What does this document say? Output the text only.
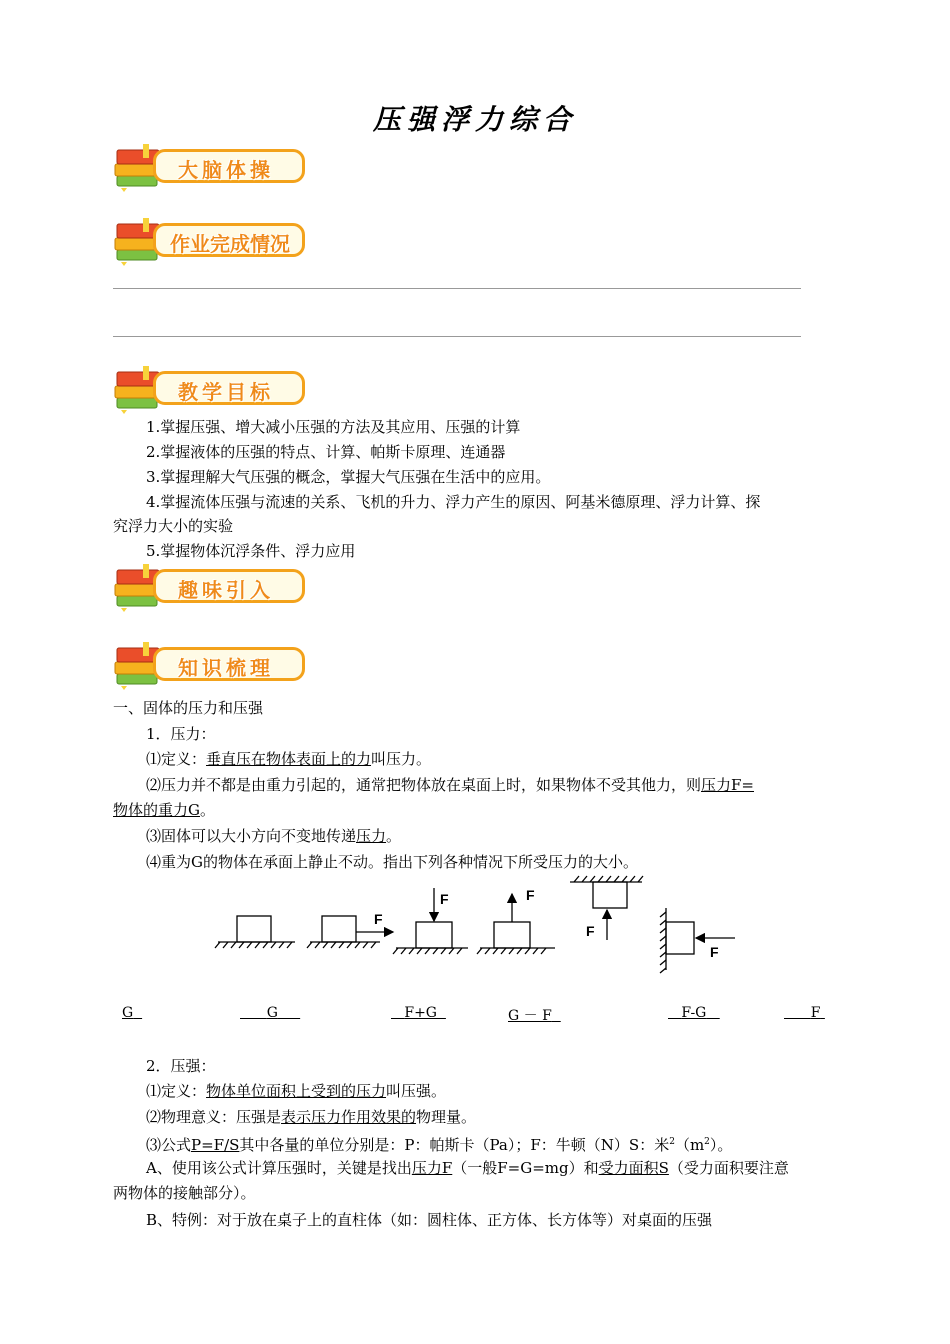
压强浮力综合
大脑体操
作业完成情况
教学目标
1.掌握压强、增大减小压强的方法及其应用、压强的计算
2.掌握液体的压强的特点、计算、帕斯卡原理、连通器
3.掌握理解大气压强的概念，掌握大气压强在生活中的应用。
4.掌握流体压强与流速的关系、飞机的升力、浮力产生的原因、阿基米德原理、浮力计算、探
究浮力大小的实验
5.掌握物体沉浮条件、浮力应用
趣味引入
知识梳理
一、固体的压力和压强
1．压力：
⑴定义：垂直压在物体表面上的力叫压力。
⑵压力并不都是由重力引起的，通常把物体放在桌面上时，如果物体不受其他力，则压力F=
物体的重力G。
⑶固体可以大小方向不变地传递压力。
⑷重为G的物体在承面上静止不动。指出下列各种情况下所受压力的大小。
F
F	F
F
F
G	G	F+G	G － F	F-G	F
2．压强：
⑴定义：物体单位面积上受到的压力叫压强。
⑵物理意义：压强是表示压力作用效果的物理量。
⑶公式P=F/S其中各量的单位分别是：P：帕斯卡（Pa）；F：牛顿（N）S：米$^2(m^2)$。
A、使用该公式计算压强时，关键是找出压力F（一般F=G=mg）和受力面积S（受力面积要注意
两物体的接触部分）。
B、特例：对于放在桌子上的直柱体（如：圆柱体、正方体、长方体等）对桌面的压强
